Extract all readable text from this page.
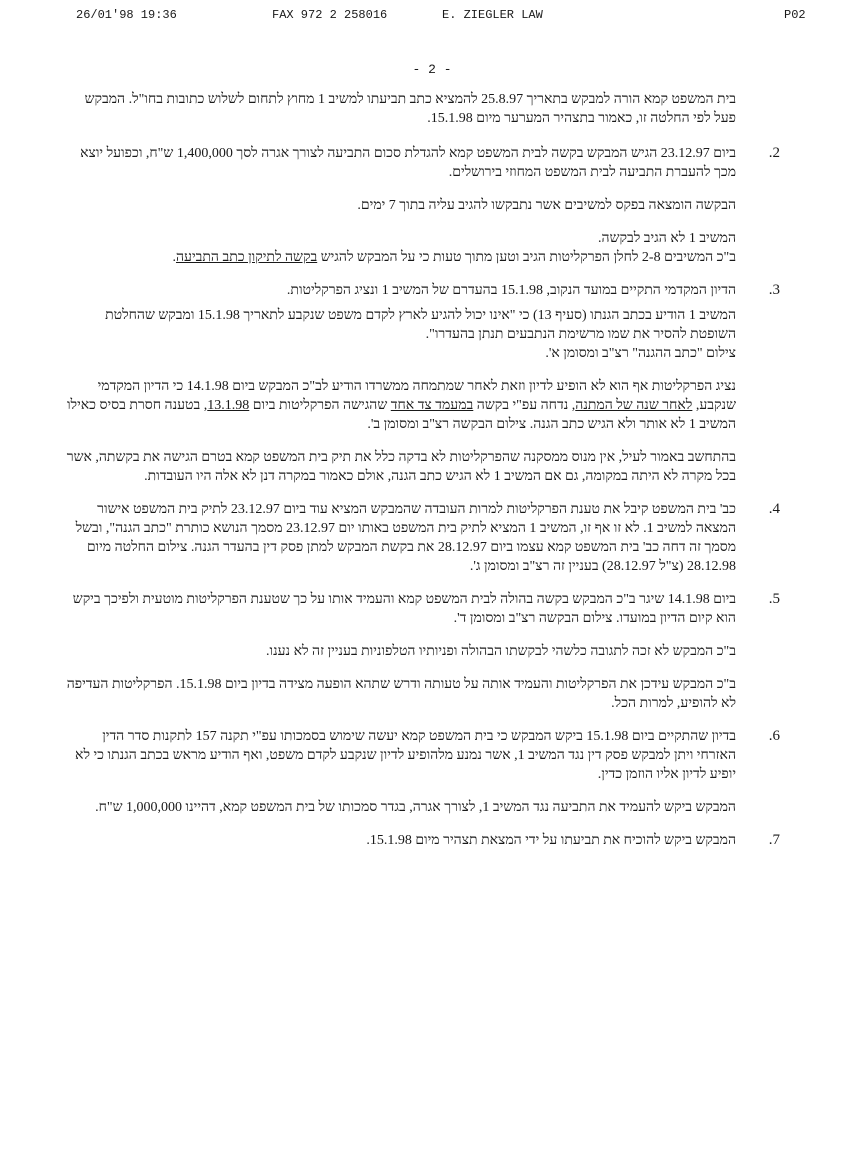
26/01'98 19:36	FAX 972 2 258016	E. ZIEGLER LAW	P02
- 2 -

בית המשפט קמא הורה למבקש בתאריך 25.8.97 להמציא כתב תביעתו למשיב 1 מחוץ לתחום לשלוש כתובות בחו"ל. המבקש פעל לפי החלטה זו, כאמור בתצהיר המערער מיום 15.1.98.

.2

ביום 23.12.97 הגיש המבקש בקשה לבית המשפט קמא להגדלת סכום התביעה לצורך אגרה לסך 1,400,000 ש"ח, וכפועל יוצא מכך להעברת התביעה לבית המשפט המחוזי בירושלים.

הבקשה הומצאה בפקס למשיבים אשר נתבקשו להגיב עליה בתוך 7 ימים.

המשיב 1 לא הגיב לבקשה.

ב"כ המשיבים 2-8 לחלן הפרקליטות הגיב וטען מתוך טעות כי על המבקש להגיש בקשה לתיקון כתב התביעה.

.3

הדיון המקדמי התקיים במועד הנקוב, 15.1.98 בהעדרם של המשיב 1 ונציג הפרקליטות.

המשיב 1 הודיע בכתב הגנתו (סעיף 13) כי "אינו יכול להגיע לארץ לקדם משפט שנקבע לתאריך 15.1.98 ומבקש שהחלטת השופטת להסיר את שמו מרשימת הנתבעים תנתן בהעדרו".

צילום "כתב ההגנה" רצ"ב ומסומן א'.

נציג הפרקליטות אף הוא לא הופיע לדיון וזאת לאחר שמתמחה ממשרדו הודיע לב"כ המבקש ביום 14.1.98 כי הדיון המקדמי שנקבע, לאחר שנה של המתנה, נדחה עפ"י בקשה במעמד צד אחד שהגישה הפרקליטות ביום 13.1.98, בטענה חסרת בסיס כאילו המשיב 1 לא אותר ולא הגיש כתב הגנה. צילום הבקשה רצ"ב ומסומן ב'.

בהתחשב באמור לעיל, אין מנוס ממסקנה שהפרקליטות לא בדקה כלל את תיק בית המשפט קמא בטרם הגישה את בקשתה, אשר בכל מקרה לא היתה במקומה, גם אם המשיב 1 לא הגיש כתב הגנה, אולם כאמור במקרה דנן לא אלה היו העובדות.

.4

כב' בית המשפט קיבל את טענת הפרקליטות למרות העובדה שהמבקש המציא עוד ביום 23.12.97 לתיק בית המשפט אישור המצאה למשיב 1. לא זו אף זו, המשיב 1 המציא לתיק בית המשפט באותו יום 23.12.97 מסמך הנושא כותרת "כתב הגנה", ובשל מסמך זה דחה כב' בית המשפט קמא עצמו ביום 28.12.97 את בקשת המבקש למתן פסק דין בהעדר הגנה. צילום החלטה מיום 28.12.98 (צ"ל 28.12.97) בעניין זה רצ"ב ומסומן ג'.

.5

ביום 14.1.98 שיגר ב"כ המבקש בקשה בהולה לבית המשפט קמא והעמיד אותו על כך שטענת הפרקליטות מוטעית ולפיכך ביקש הוא קיום הדיון במועדו. צילום הבקשה רצ"ב ומסומן ד'.

ב"כ המבקש לא זכה לתגובה כלשהי לבקשתו הבהולה ופניותיו הטלפוניות בעניין זה לא נענו.

ב"כ המבקש עידכן את הפרקליטות והעמיד אותה על טעותה ודרש שתהא הופעה מצידה בדיון ביום 15.1.98. הפרקליטות העדיפה לא להופיע, למרות הכל.

.6

בדיון שהתקיים ביום 15.1.98 ביקש המבקש כי בית המשפט קמא יעשה שימוש בסמכותו עפ"י תקנה 157 לתקנות סדר הדין האזרחי ויתן למבקש פסק דין נגד המשיב 1, אשר נמנע מלהופיע לדיון שנקבע לקדם משפט, ואף הודיע מראש בכתב הגנתו כי לא יופיע לדיון אליו הוזמן כדין.

המבקש ביקש להעמיד את התביעה נגד המשיב 1, לצורך אגרה, בגדר סמכותו של בית המשפט קמא, דהיינו 1,000,000 ש"ח.

.7

המבקש ביקש להוכיח את תביעתו על ידי המצאת תצהיר מיום 15.1.98.
